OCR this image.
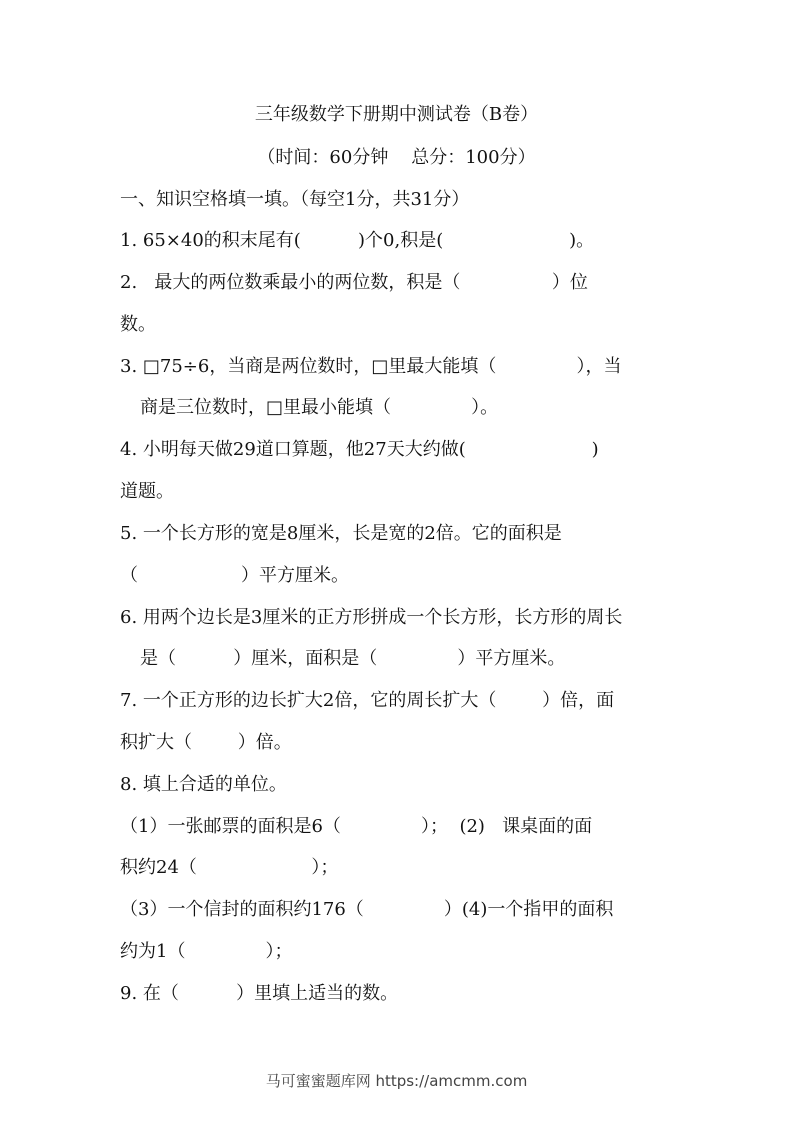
三年级数学下册期中测试卷（B卷）
（时间：60分钟    总分：100分）
一、知识空格填一填。（每空1分，共31分）
1. 65×40的积末尾有(          )个0,积是(                      )。
2.   最大的两位数乘最小的两位数，积是（                ）位
数。
3. □75÷6，当商是两位数时，□里最大能填（              ），当
商是三位数时，□里最小能填（              ）。
4. 小明每天做29道口算题，他27天大约做(                      )
道题。
5. 一个长方形的宽是8厘米，长是宽的2倍。它的面积是
（                  ）平方厘米。
6. 用两个边长是3厘米的正方形拼成一个长方形，长方形的周长
是（          ）厘米，面积是（              ）平方厘米。
7. 一个正方形的边长扩大2倍，它的周长扩大（        ）倍，面
积扩大（        ）倍。
8. 填上合适的单位。
（1）一张邮票的面积是6（              ）；  (2)   课桌面的面
积约24（                    ）；
（3）一个信封的面积约176（              ）(4)一个指甲的面积
约为1（              ）；
9. 在（          ）里填上适当的数。
马可蜜蜜题库网 https://amcmm.com
